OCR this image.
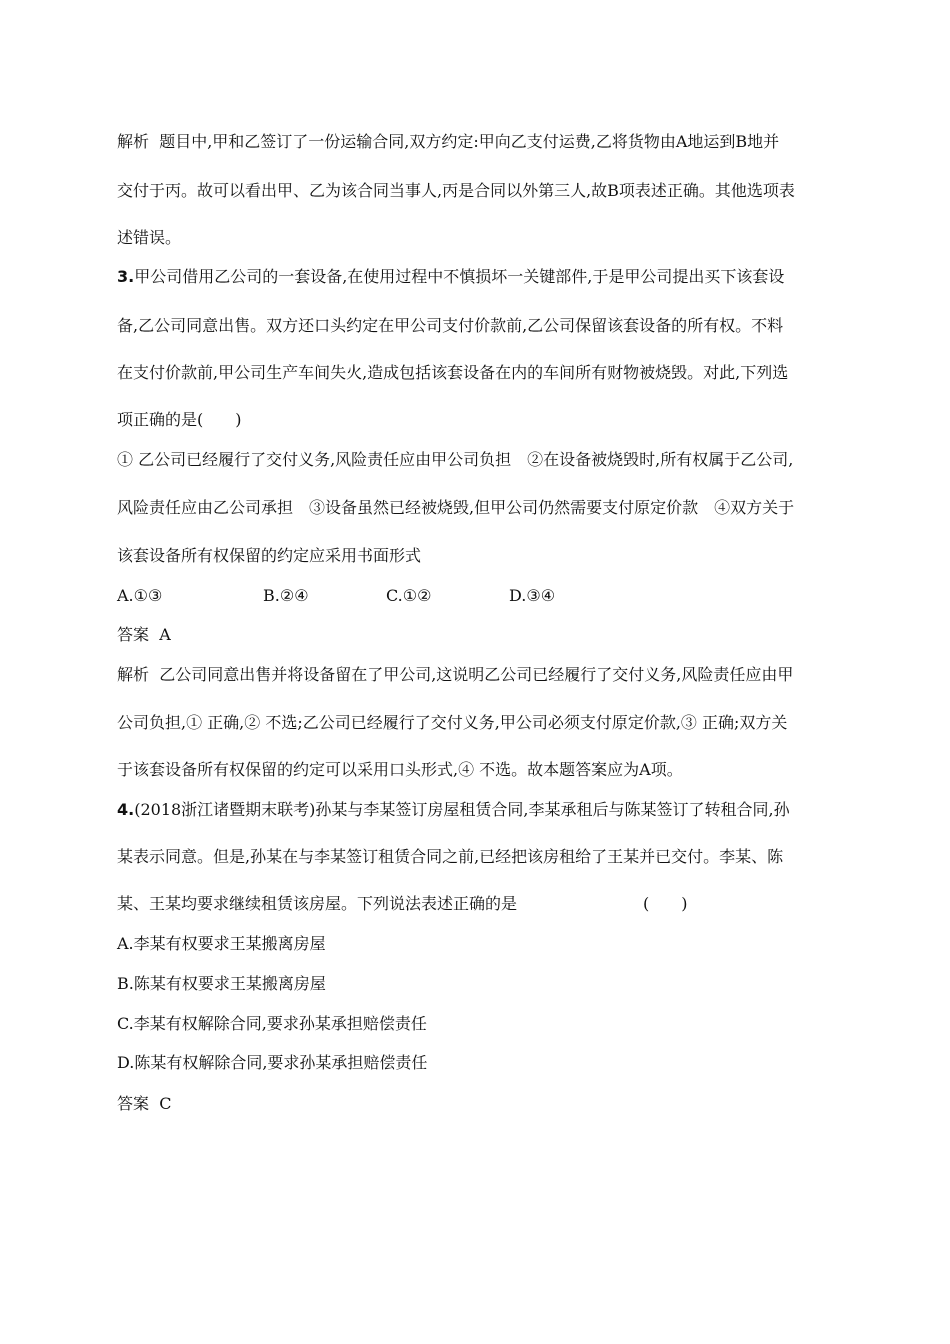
解析 题目中,甲和乙签订了一份运输合同,双方约定:甲向乙支付运费,乙将货物由A地运到B地并
交付于丙。故可以看出甲、乙为该合同当事人,丙是合同以外第三人,故B项表述正确。其他选项表
述错误。
3.甲公司借用乙公司的一套设备,在使用过程中不慎损坏一关键部件,于是甲公司提出买下该套设
备,乙公司同意出售。双方还口头约定在甲公司支付价款前,乙公司保留该套设备的所有权。不料
在支付价款前,甲公司生产车间失火,造成包括该套设备在内的车间所有财物被烧毁。对此,下列选
项正确的是(　　)
① 乙公司已经履行了交付义务,风险责任应由甲公司负担　②在设备被烧毁时,所有权属于乙公司,
风险责任应由乙公司承担　③设备虽然已经被烧毁,但甲公司仍然需要支付原定价款　④双方关于
该套设备所有权保留的约定应采用书面形式
A.①③	B.②④	C.①②	D.③④
答案 A
解析 乙公司同意出售并将设备留在了甲公司,这说明乙公司已经履行了交付义务,风险责任应由甲
公司负担,① 正确,② 不选;乙公司已经履行了交付义务,甲公司必须支付原定价款,③ 正确;双方关
于该套设备所有权保留的约定可以采用口头形式,④ 不选。故本题答案应为A项。
4.(2018浙江诸暨期末联考)孙某与李某签订房屋租赁合同,李某承租后与陈某签订了转租合同,孙
某表示同意。但是,孙某在与李某签订租赁合同之前,已经把该房租给了王某并已交付。李某、陈
某、王某均要求继续租赁该房屋。下列说法表述正确的是	(　　)
A.李某有权要求王某搬离房屋
B.陈某有权要求王某搬离房屋
C.李某有权解除合同,要求孙某承担赔偿责任
D.陈某有权解除合同,要求孙某承担赔偿责任
答案 C
